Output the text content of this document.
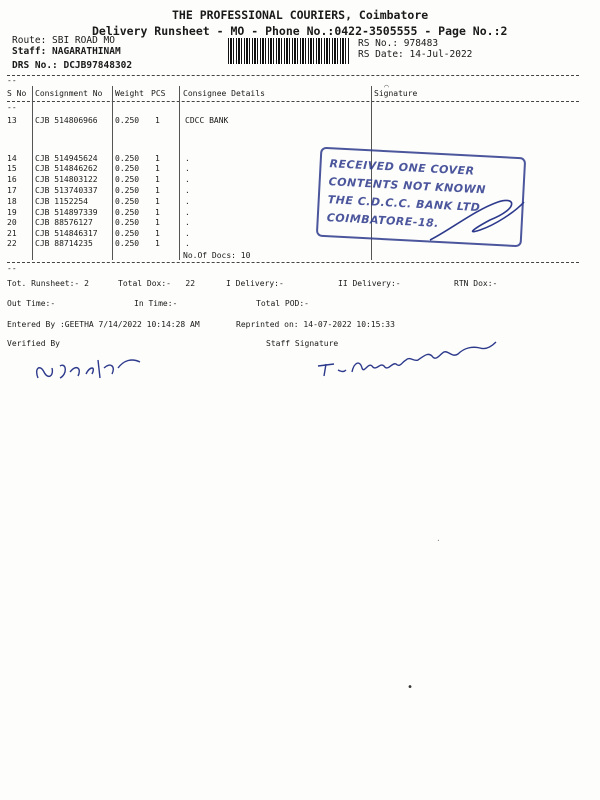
THE PROFESSIONAL COURIERS, Coimbatore
Delivery Runsheet - MO - Phone No.:0422-3505555 - Page No.:2
Route: SBI ROAD MO
Staff: NAGARATHINAM
DRS No.: DCJB97848302
RS No.: 978483
RS Date: 14-Jul-2022
--
S No Consignment No Weight PCS Consignee Details	Signature
--
13 CJB 514806966 0.250 1	CDCC BANK
14 CJB 514945624 0.250 1	.
15 CJB 514846262 0.250 1	.
16 CJB 514803122 0.250 1	.
17 CJB 513740337 0.250 1	.
18 CJB 1152254	0.250 1	.
19 CJB 514897339 0.250 1	.
20 CJB 88576127	0.250 1	.
21 CJB 514846317 0.250 1	.
22 CJB 88714235	0.250 1	.
No.Of Docs: 10
RECEIVED ONE COVER
CONTENTS NOT KNOWN
THE C.D.C.C. BANK LTD
COIMBATORE-18.
--
Tot. Runsheet:- 2	Total Dox:-   22	I Delivery:-	II Delivery:-	RTN Dox:-
Out Time:-	In Time:-	Total POD:-
Entered By :GEETHA 7/14/2022 10:14:28 AM	Reprinted on: 14-07-2022 10:15:33
Verified By	Staff Signature
⌒
·
•
